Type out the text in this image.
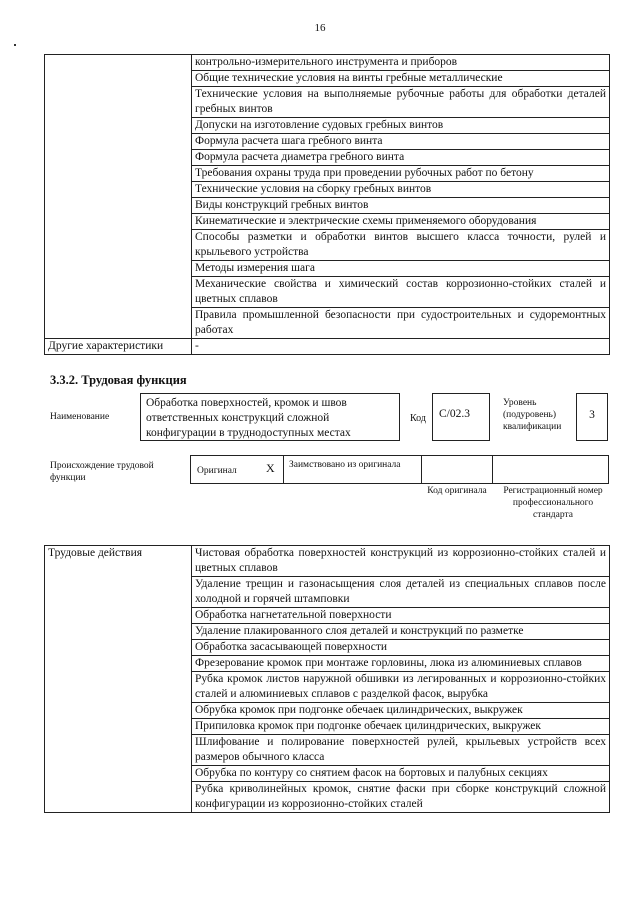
16
	контрольно-измерительного инструмента и приборов
	Общие технические условия на винты гребные металлические
	Технические условия на выполняемые рубочные работы для обработки деталей гребных винтов
	Допуски на изготовление судовых гребных винтов
	Формула расчета шага гребного винта
	Формула расчета диаметра гребного винта
	Требования охраны труда при проведении рубочных работ по бетону
	Технические условия на сборку гребных винтов
	Виды конструкций гребных винтов
	Кинематические и электрические схемы применяемого оборудования
	Способы разметки и обработки винтов высшего класса точности, рулей и крыльевого устройства
	Методы измерения шага
	Механические свойства и химический состав коррозионно-стойких сталей и цветных сплавов
	Правила промышленной безопасности при судостроительных и судоремонтных работах
Другие характеристики	-
3.3.2. Трудовая функция
Наименование
Обработка поверхностей, кромок и швов ответственных конструкций сложной конфигурации в труднодоступных местах
Код	C/02.3
Уровень (подуровень) квалификации
3
Происхождение трудовой функции
Оригинал X Заимствовано из оригинала
Код оригинала	Регистрационный номер профессионального стандарта
Трудовые действия	Чистовая обработка поверхностей конструкций из коррозионно-стойких сталей и цветных сплавов
Удаление трещин и газонасыщения слоя деталей из специальных сплавов после холодной и горячей штамповки
Обработка нагнетательной поверхности
Удаление плакированного слоя деталей и конструкций по разметке
Обработка засасывающей поверхности
Фрезерование кромок при монтаже горловины, люка из алюминиевых сплавов
Рубка кромок листов наружной обшивки из легированных и коррозионно-стойких сталей и алюминиевых сплавов с разделкой фасок, вырубка
Обрубка кромок при подгонке обечаек цилиндрических, выкружек
Припиловка кромок при подгонке обечаек цилиндрических, выкружек
Шлифование и полирование поверхностей рулей, крыльевых устройств всех размеров обычного класса
Обрубка по контуру со снятием фасок на бортовых и палубных секциях
Рубка криволинейных кромок, снятие фаски при сборке конструкций сложной конфигурации из коррозионно-стойких сталей
